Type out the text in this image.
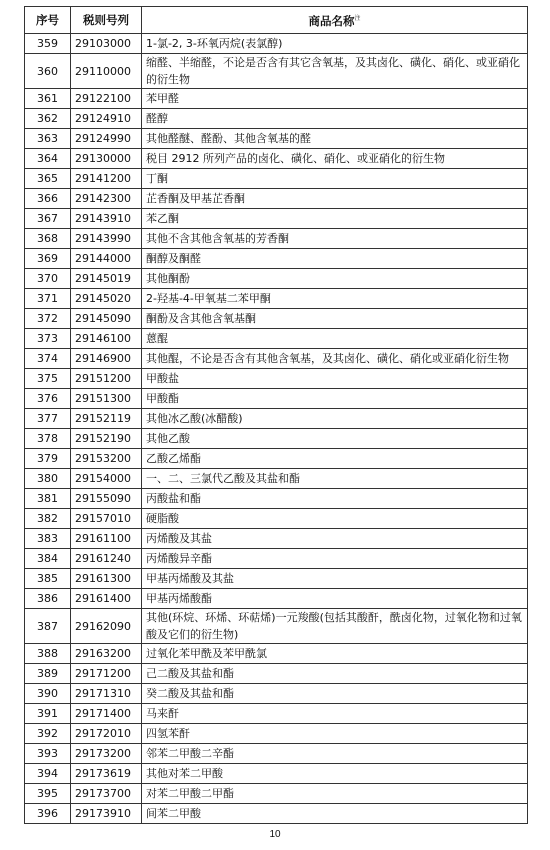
序号	税则号列	商品名称$^注$
359	29103000	1-氯-2, 3-环氧丙烷(表氯醇)
360	29110000	缩醛、半缩醛，不论是否含有其它含氧基，及其卤化、磺化、硝化、或亚硝化的衍生物
361	29122100	苯甲醛
362	29124910	醛醇
363	29124990	其他醛醚、醛酚、其他含氧基的醛
364	29130000	税目 2912 所列产品的卤化、磺化、硝化、或亚硝化的衍生物
365	29141200	丁酮
366	29142300	芷香酮及甲基芷香酮
367	29143910	苯乙酮
368	29143990	其他不含其他含氧基的芳香酮
369	29144000	酮醇及酮醛
370	29145019	其他酮酚
371	29145020	2-羟基-4-甲氧基二苯甲酮
372	29145090	酮酚及含其他含氧基酮
373	29146100	蒽醌
374	29146900	其他醌，不论是否含有其他含氧基，及其卤化、磺化、硝化或亚硝化衍生物
375	29151200	甲酸盐
376	29151300	甲酸酯
377	29152119	其他冰乙酸(冰醋酸)
378	29152190	其他乙酸
379	29153200	乙酸乙烯酯
380	29154000	一、二、三氯代乙酸及其盐和酯
381	29155090	丙酸盐和酯
382	29157010	硬脂酸
383	29161100	丙烯酸及其盐
384	29161240	丙烯酸异辛酯
385	29161300	甲基丙烯酸及其盐
386	29161400	甲基丙烯酸酯
387	29162090	其他(环烷、环烯、环萜烯)一元羧酸(包括其酸酐，酰卤化物，过氧化物和过氧酸及它们的衍生物)
388	29163200	过氧化苯甲酰及苯甲酰氯
389	29171200	己二酸及其盐和酯
390	29171310	癸二酸及其盐和酯
391	29171400	马来酐
392	29172010	四氢苯酐
393	29173200	邻苯二甲酸二辛酯
394	29173619	其他对苯二甲酸
395	29173700	对苯二甲酸二甲酯
396	29173910	间苯二甲酸
10
